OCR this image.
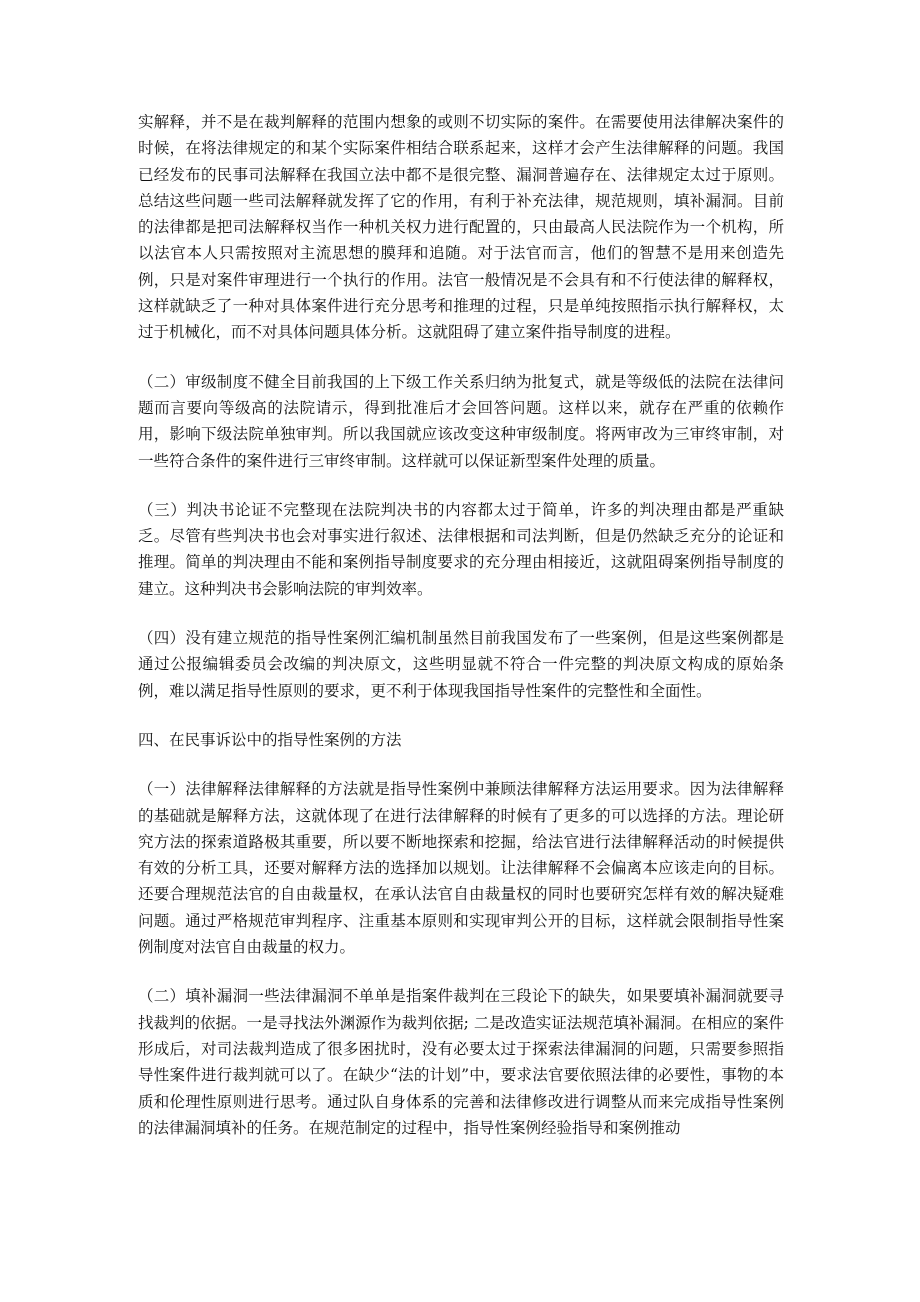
实解释，并不是在裁判解释的范围内想象的或则不切实际的案件。在需要使用法律解决案件的时候，在将法律规定的和某个实际案件相结合联系起来，这样才会产生法律解释的问题。我国已经发布的民事司法解释在我国立法中都不是很完整、漏洞普遍存在、法律规定太过于原则。总结这些问题一些司法解释就发挥了它的作用，有利于补充法律，规范规则，填补漏洞。目前的法律都是把司法解释权当作一种机关权力进行配置的，只由最高人民法院作为一个机构，所以法官本人只需按照对主流思想的膜拜和追随。对于法官而言，他们的智慧不是用来创造先例，只是对案件审理进行一个执行的作用。法官一般情况是不会具有和不行使法律的解释权，这样就缺乏了一种对具体案件进行充分思考和推理的过程，只是单纯按照指示执行解释权，太过于机械化，而不对具体问题具体分析。这就阻碍了建立案件指导制度的进程。

（二）审级制度不健全目前我国的上下级工作关系归纳为批复式，就是等级低的法院在法律问题而言要向等级高的法院请示，得到批准后才会回答问题。这样以来，就存在严重的依赖作用，影响下级法院单独审判。所以我国就应该改变这种审级制度。将两审改为三审终审制，对一些符合条件的案件进行三审终审制。这样就可以保证新型案件处理的质量。

（三）判决书论证不完整现在法院判决书的内容都太过于简单，许多的判决理由都是严重缺乏。尽管有些判决书也会对事实进行叙述、法律根据和司法判断，但是仍然缺乏充分的论证和推理。简单的判决理由不能和案例指导制度要求的充分理由相接近，这就阻碍案例指导制度的建立。这种判决书会影响法院的审判效率。

（四）没有建立规范的指导性案例汇编机制虽然目前我国发布了一些案例，但是这些案例都是通过公报编辑委员会改编的判决原文，这些明显就不符合一件完整的判决原文构成的原始条例，难以满足指导性原则的要求，更不利于体现我国指导性案件的完整性和全面性。

四、在民事诉讼中的指导性案例的方法

（一）法律解释法律解释的方法就是指导性案例中兼顾法律解释方法运用要求。因为法律解释的基础就是解释方法，这就体现了在进行法律解释的时候有了更多的可以选择的方法。理论研究方法的探索道路极其重要，所以要不断地探索和挖掘，给法官进行法律解释活动的时候提供有效的分析工具，还要对解释方法的选择加以规划。让法律解释不会偏离本应该走向的目标。还要合理规范法官的自由裁量权，在承认法官自由裁量权的同时也要研究怎样有效的解决疑难问题。通过严格规范审判程序、注重基本原则和实现审判公开的目标，这样就会限制指导性案例制度对法官自由裁量的权力。

（二）填补漏洞一些法律漏洞不单单是指案件裁判在三段论下的缺失，如果要填补漏洞就要寻找裁判的依据。一是寻找法外渊源作为裁判依据; 二是改造实证法规范填补漏洞。在相应的案件形成后，对司法裁判造成了很多困扰时，没有必要太过于探索法律漏洞的问题，只需要参照指导性案件进行裁判就可以了。在缺少“法的计划”中，要求法官要依照法律的必要性，事物的本质和伦理性原则进行思考。通过队自身体系的完善和法律修改进行调整从而来完成指导性案例的法律漏洞填补的任务。在规范制定的过程中，指导性案例经验指导和案例推动
